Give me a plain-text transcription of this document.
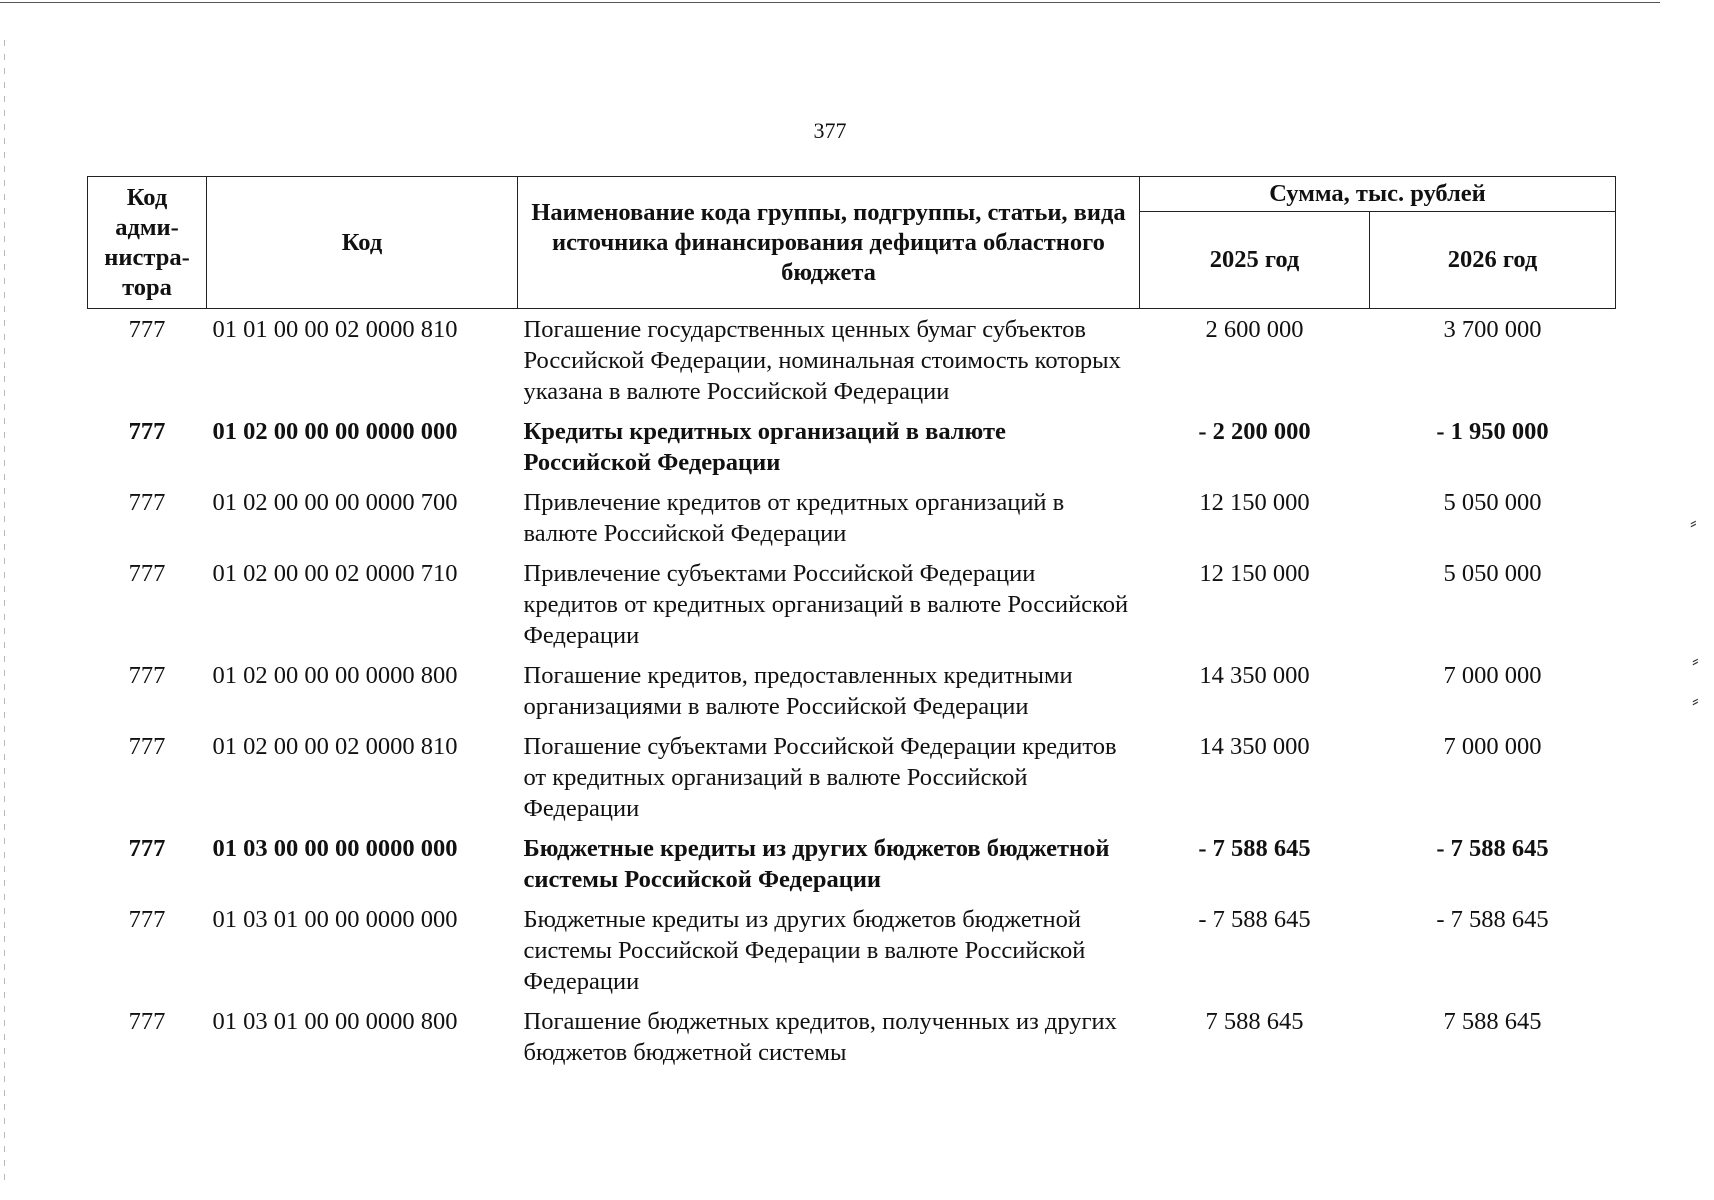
377
Код адми-нистра-тора	Код	Наименование кода группы, подгруппы, статьи, вида источника финансирования дефицита областного бюджета	Сумма, тыс. рублей	
			2025 год	2026 год
777	01 01 00 00 02 0000 810	Погашение государственных ценных бумаг субъектов Российской Федерации, номинальная стоимость которых указана в валюте Российской Федерации	2 600 000	3 700 000
777	01 02 00 00 00 0000 000	Кредиты кредитных организаций в валюте Российской Федерации	- 2 200 000	- 1 950 000
777	01 02 00 00 00 0000 700	Привлечение кредитов от кредитных организаций в валюте Российской Федерации	12 150 000	5 050 000
777	01 02 00 00 02 0000 710	Привлечение субъектами Российской Федерации кредитов от кредитных организаций в валюте Российской Федерации	12 150 000	5 050 000
777	01 02 00 00 00 0000 800	Погашение кредитов, предоставленных кредитными организациями в валюте Российской Федерации	14 350 000	7 000 000
777	01 02 00 00 02 0000 810	Погашение субъектами Российской Федерации кредитов от кредитных организаций в валюте Российской Федерации	14 350 000	7 000 000
777	01 03 00 00 00 0000 000	Бюджетные кредиты из других бюджетов бюджетной системы Российской Федерации	- 7 588 645	- 7 588 645
777	01 03 01 00 00 0000 000	Бюджетные кредиты из других бюджетов бюджетной системы Российской Федерации в валюте Российской Федерации	- 7 588 645	- 7 588 645
777	01 03 01 00 00 0000 800	Погашение бюджетных кредитов, полученных из других бюджетов бюджетной системы	7 588 645	7 588 645
⸗
⸗
⸗
